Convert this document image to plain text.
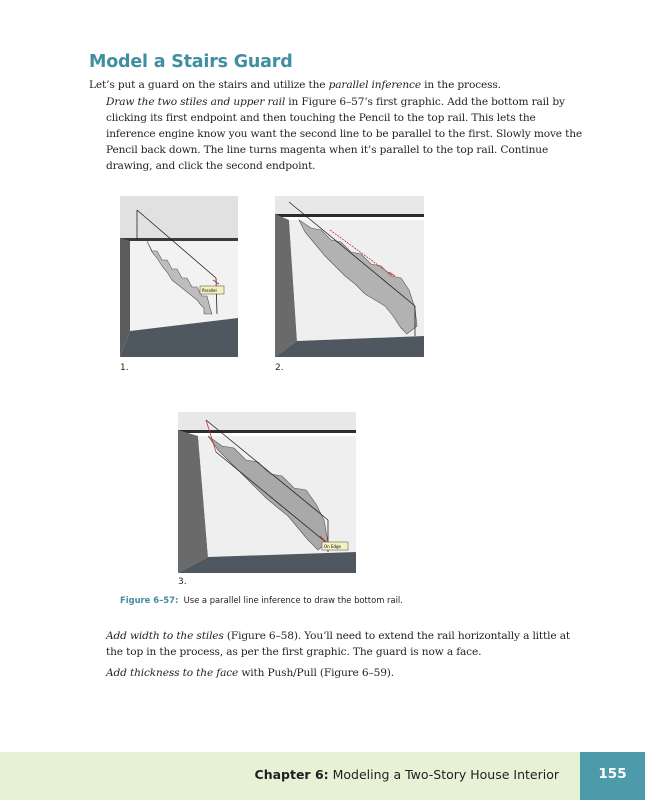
Model a Stairs Guard
Let’s put a guard on the stairs and utilize the parallel inference in the process.
Draw the two stiles and upper rail in Figure 6–57’s first graphic. Add the bottom rail by clicking its first endpoint and then touching the Pencil to the top rail. This lets the inference engine know you want the second line to be parallel to the first. Slowly move the Pencil back down. The line turns magenta when it’s parallel to the top rail. Continue drawing, and click the second endpoint.
Parallel
1.	2.
On Edge
3.
Figure 6–57: Use a parallel line inference to draw the bottom rail.
Add width to the stiles (Figure 6–58). You’ll need to extend the rail horizontally a little at the top in the process, as per the first graphic. The guard is now a face.
Add thickness to the face with Push/Pull (Figure 6–59).
Chapter 6: Modeling a Two-Story House Interior	155
